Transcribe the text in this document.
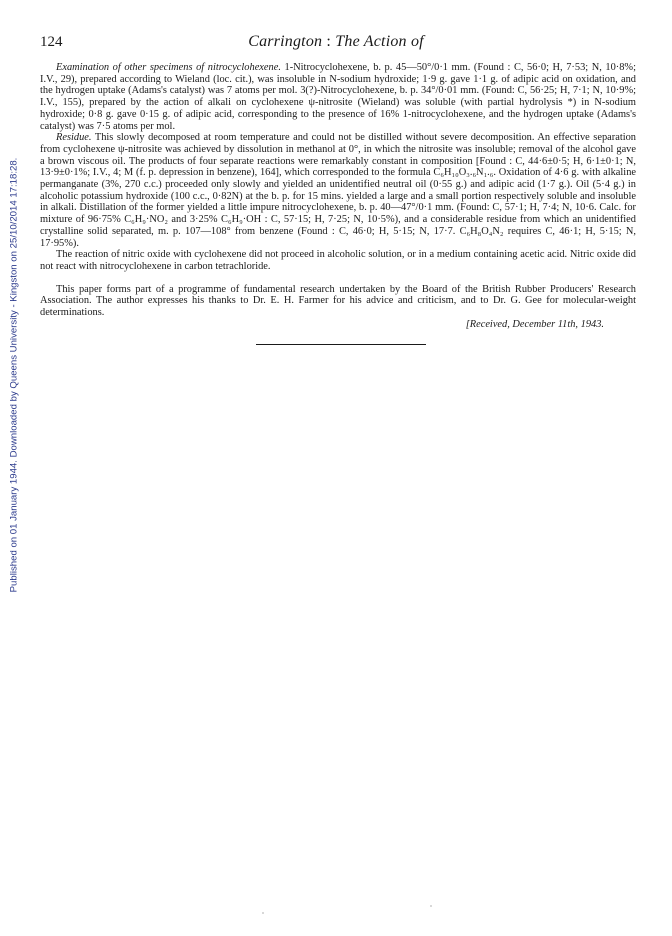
124	Carrington : The Action of
Published on 01 January 1944. Downloaded by Queens University - Kingston on 25/10/2014 17:18:28.

Examination of other specimens of nitrocyclohexene. 1-Nitrocyclohexene, b. p. 45—50°/0·1 mm. (Found : C, 56·0; H, 7·53; N, 10·8%; I.V., 29), prepared according to Wieland (loc. cit.), was insoluble in N-sodium hydroxide; 1·9 g. gave 1·1 g. of adipic acid on oxidation, and the hydrogen uptake (Adams's catalyst) was 7 atoms per mol. 3(?)-Nitrocyclohexene, b. p. 34°/0·01 mm. (Found: C, 56·25; H, 7·1; N, 10·9%; I.V., 155), prepared by the action of alkali on cyclohexene ψ-nitrosite (Wieland) was soluble (with partial hydrolysis *) in N-sodium hydroxide; 0·8 g. gave 0·15 g. of adipic acid, corresponding to the presence of 16% 1-nitrocyclohexene, and the hydrogen uptake (Adams's catalyst) was 7·5 atoms per mol.

Residue. This slowly decomposed at room temperature and could not be distilled without severe decomposition. An effective separation from cyclohexene ψ-nitrosite was achieved by dissolution in methanol at 0°, in which the nitrosite was insoluble; removal of the alcohol gave a brown viscous oil. The products of four separate reactions were remarkably constant in composition [Found : C, 44·6±0·5; H, 6·1±0·1; N, 13·9±0·1%; I.V., 4; M (f. p. depression in benzene), 164], which corresponded to the formula C₆H₁₀O₃.₆N₁.₆. Oxidation of 4·6 g. with alkaline permanganate (3%, 270 c.c.) proceeded only slowly and yielded an unidentified neutral oil (0·55 g.) and adipic acid (1·7 g.). Oil (5·4 g.) in alcoholic potassium hydroxide (100 c.c., 0·82N) at the b. p. for 15 mins. yielded a large and a small portion respectively soluble and insoluble in alkali. Distillation of the former yielded a little impure nitrocyclohexene, b. p. 40—47°/0·1 mm. (Found: C, 57·1; H, 7·4; N, 10·6. Calc. for mixture of 96·75% C₆H₉·NO₂ and 3·25% C₆H₉·OH : C, 57·15; H, 7·25; N, 10·5%), and a considerable residue from which an unidentified crystalline solid separated, m. p. 107—108° from benzene (Found : C, 46·0; H, 5·15; N, 17·7. C₆H₈O₄N₂ requires C, 46·1; H, 5·15; N, 17·95%).

The reaction of nitric oxide with cyclohexene did not proceed in alcoholic solution, or in a medium containing acetic acid. Nitric oxide did not react with nitrocyclohexene in carbon tetrachloride.

This paper forms part of a programme of fundamental research undertaken by the Board of the British Rubber Producers' Research Association. The author expresses his thanks to Dr. E. H. Farmer for his advice and criticism, and to Dr. G. Gee for molecular-weight determinations.

[Received, December 11th, 1943.
